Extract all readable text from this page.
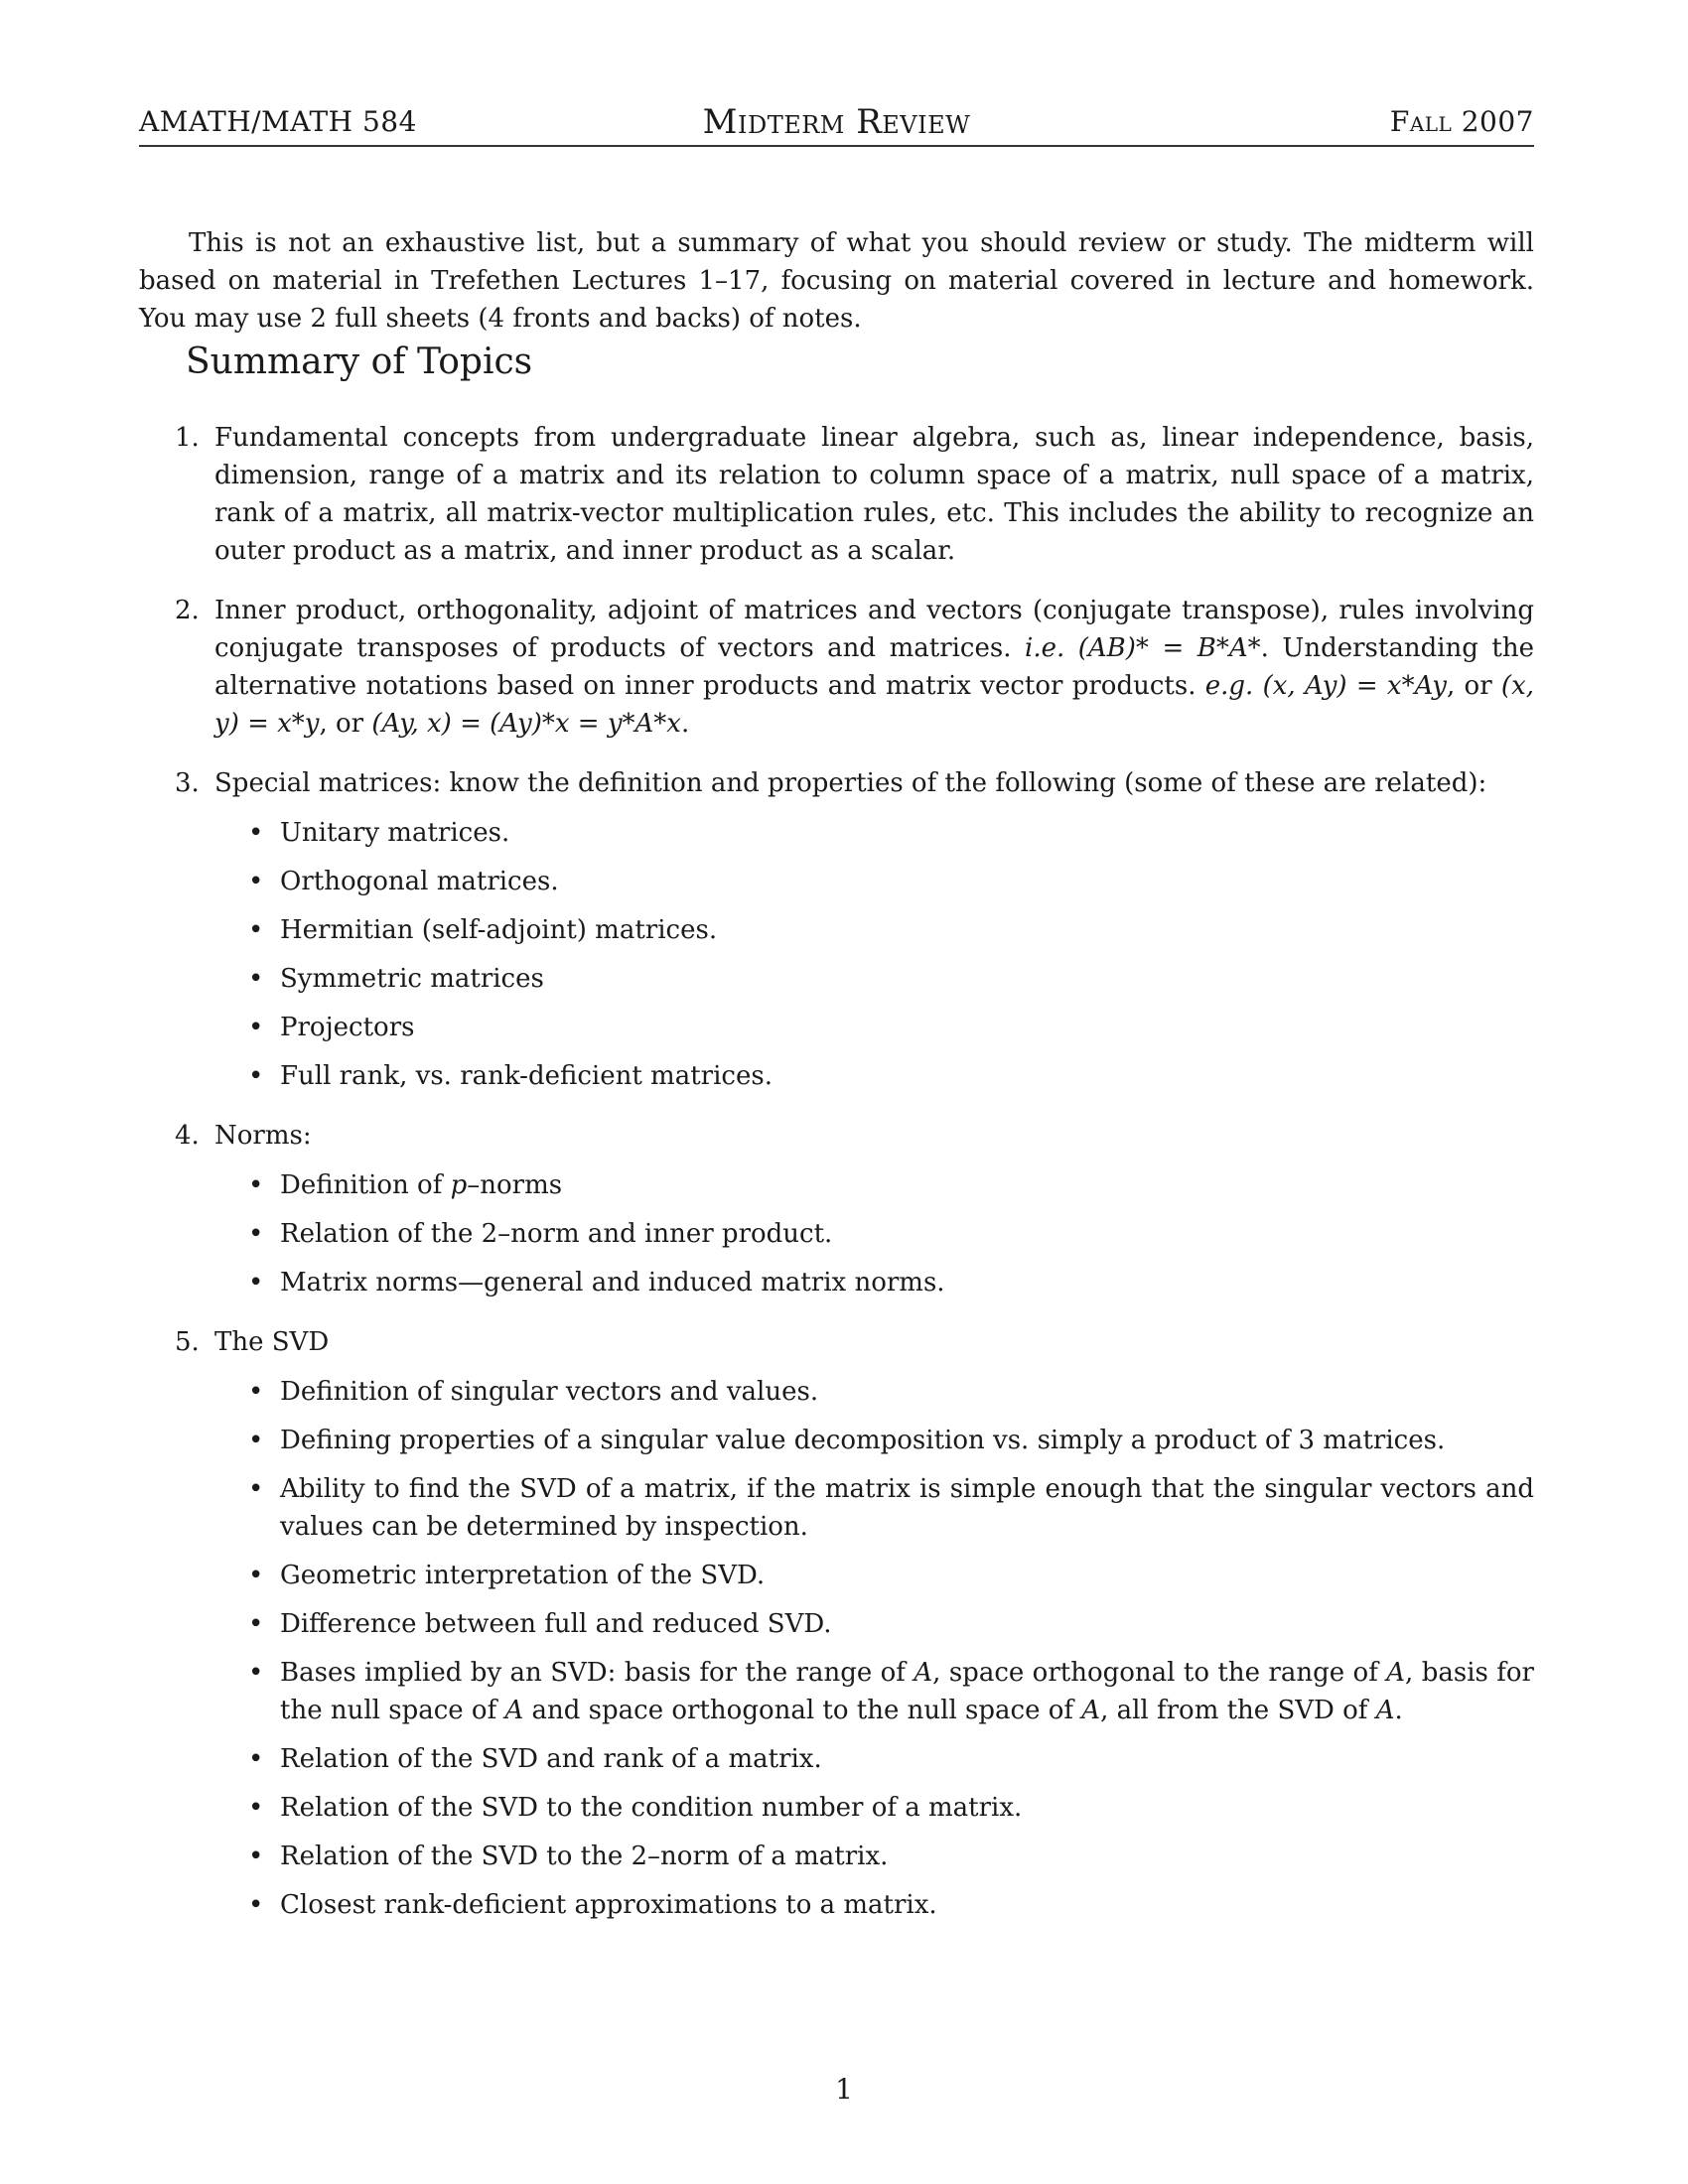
AMATH/MATH 584	Midterm Review	Fall 2007

This is not an exhaustive list, but a summary of what you should review or study. The midterm will based on material in Trefethen Lectures 1–17, focusing on material covered in lecture and homework. You may use 2 full sheets (4 fronts and backs) of notes.

Summary of Topics
1. Fundamental concepts from undergraduate linear algebra, such as, linear independence, basis, dimension, range of a matrix and its relation to column space of a matrix, null space of a matrix, rank of a matrix, all matrix-vector multiplication rules, etc. This includes the ability to recognize an outer product as a matrix, and inner product as a scalar.
2. Inner product, orthogonality, adjoint of matrices and vectors (conjugate transpose), rules involving conjugate transposes of products of vectors and matrices. i.e. (AB)* = B*A*. Understanding the alternative notations based on inner products and matrix vector products. e.g. (x, Ay) = x*Ay, or (x, y) = x*y, or (Ay, x) = (Ay)*x = y*A*x.
3. Special matrices: know the definition and properties of the following (some of these are related):
• Unitary matrices.
• Orthogonal matrices.
• Hermitian (self-adjoint) matrices.
• Symmetric matrices
• Projectors
• Full rank, vs. rank-deficient matrices.
4. Norms:
• Definition of p–norms
• Relation of the 2–norm and inner product.
• Matrix norms—general and induced matrix norms.
5. The SVD
• Definition of singular vectors and values.
• Defining properties of a singular value decomposition vs. simply a product of 3 matrices.
• Ability to find the SVD of a matrix, if the matrix is simple enough that the singular vectors and values can be determined by inspection.
• Geometric interpretation of the SVD.
• Difference between full and reduced SVD.
• Bases implied by an SVD: basis for the range of A, space orthogonal to the range of A, basis for the null space of A and space orthogonal to the null space of A, all from the SVD of A.
• Relation of the SVD and rank of a matrix.
• Relation of the SVD to the condition number of a matrix.
• Relation of the SVD to the 2–norm of a matrix.
• Closest rank-deficient approximations to a matrix.
1
